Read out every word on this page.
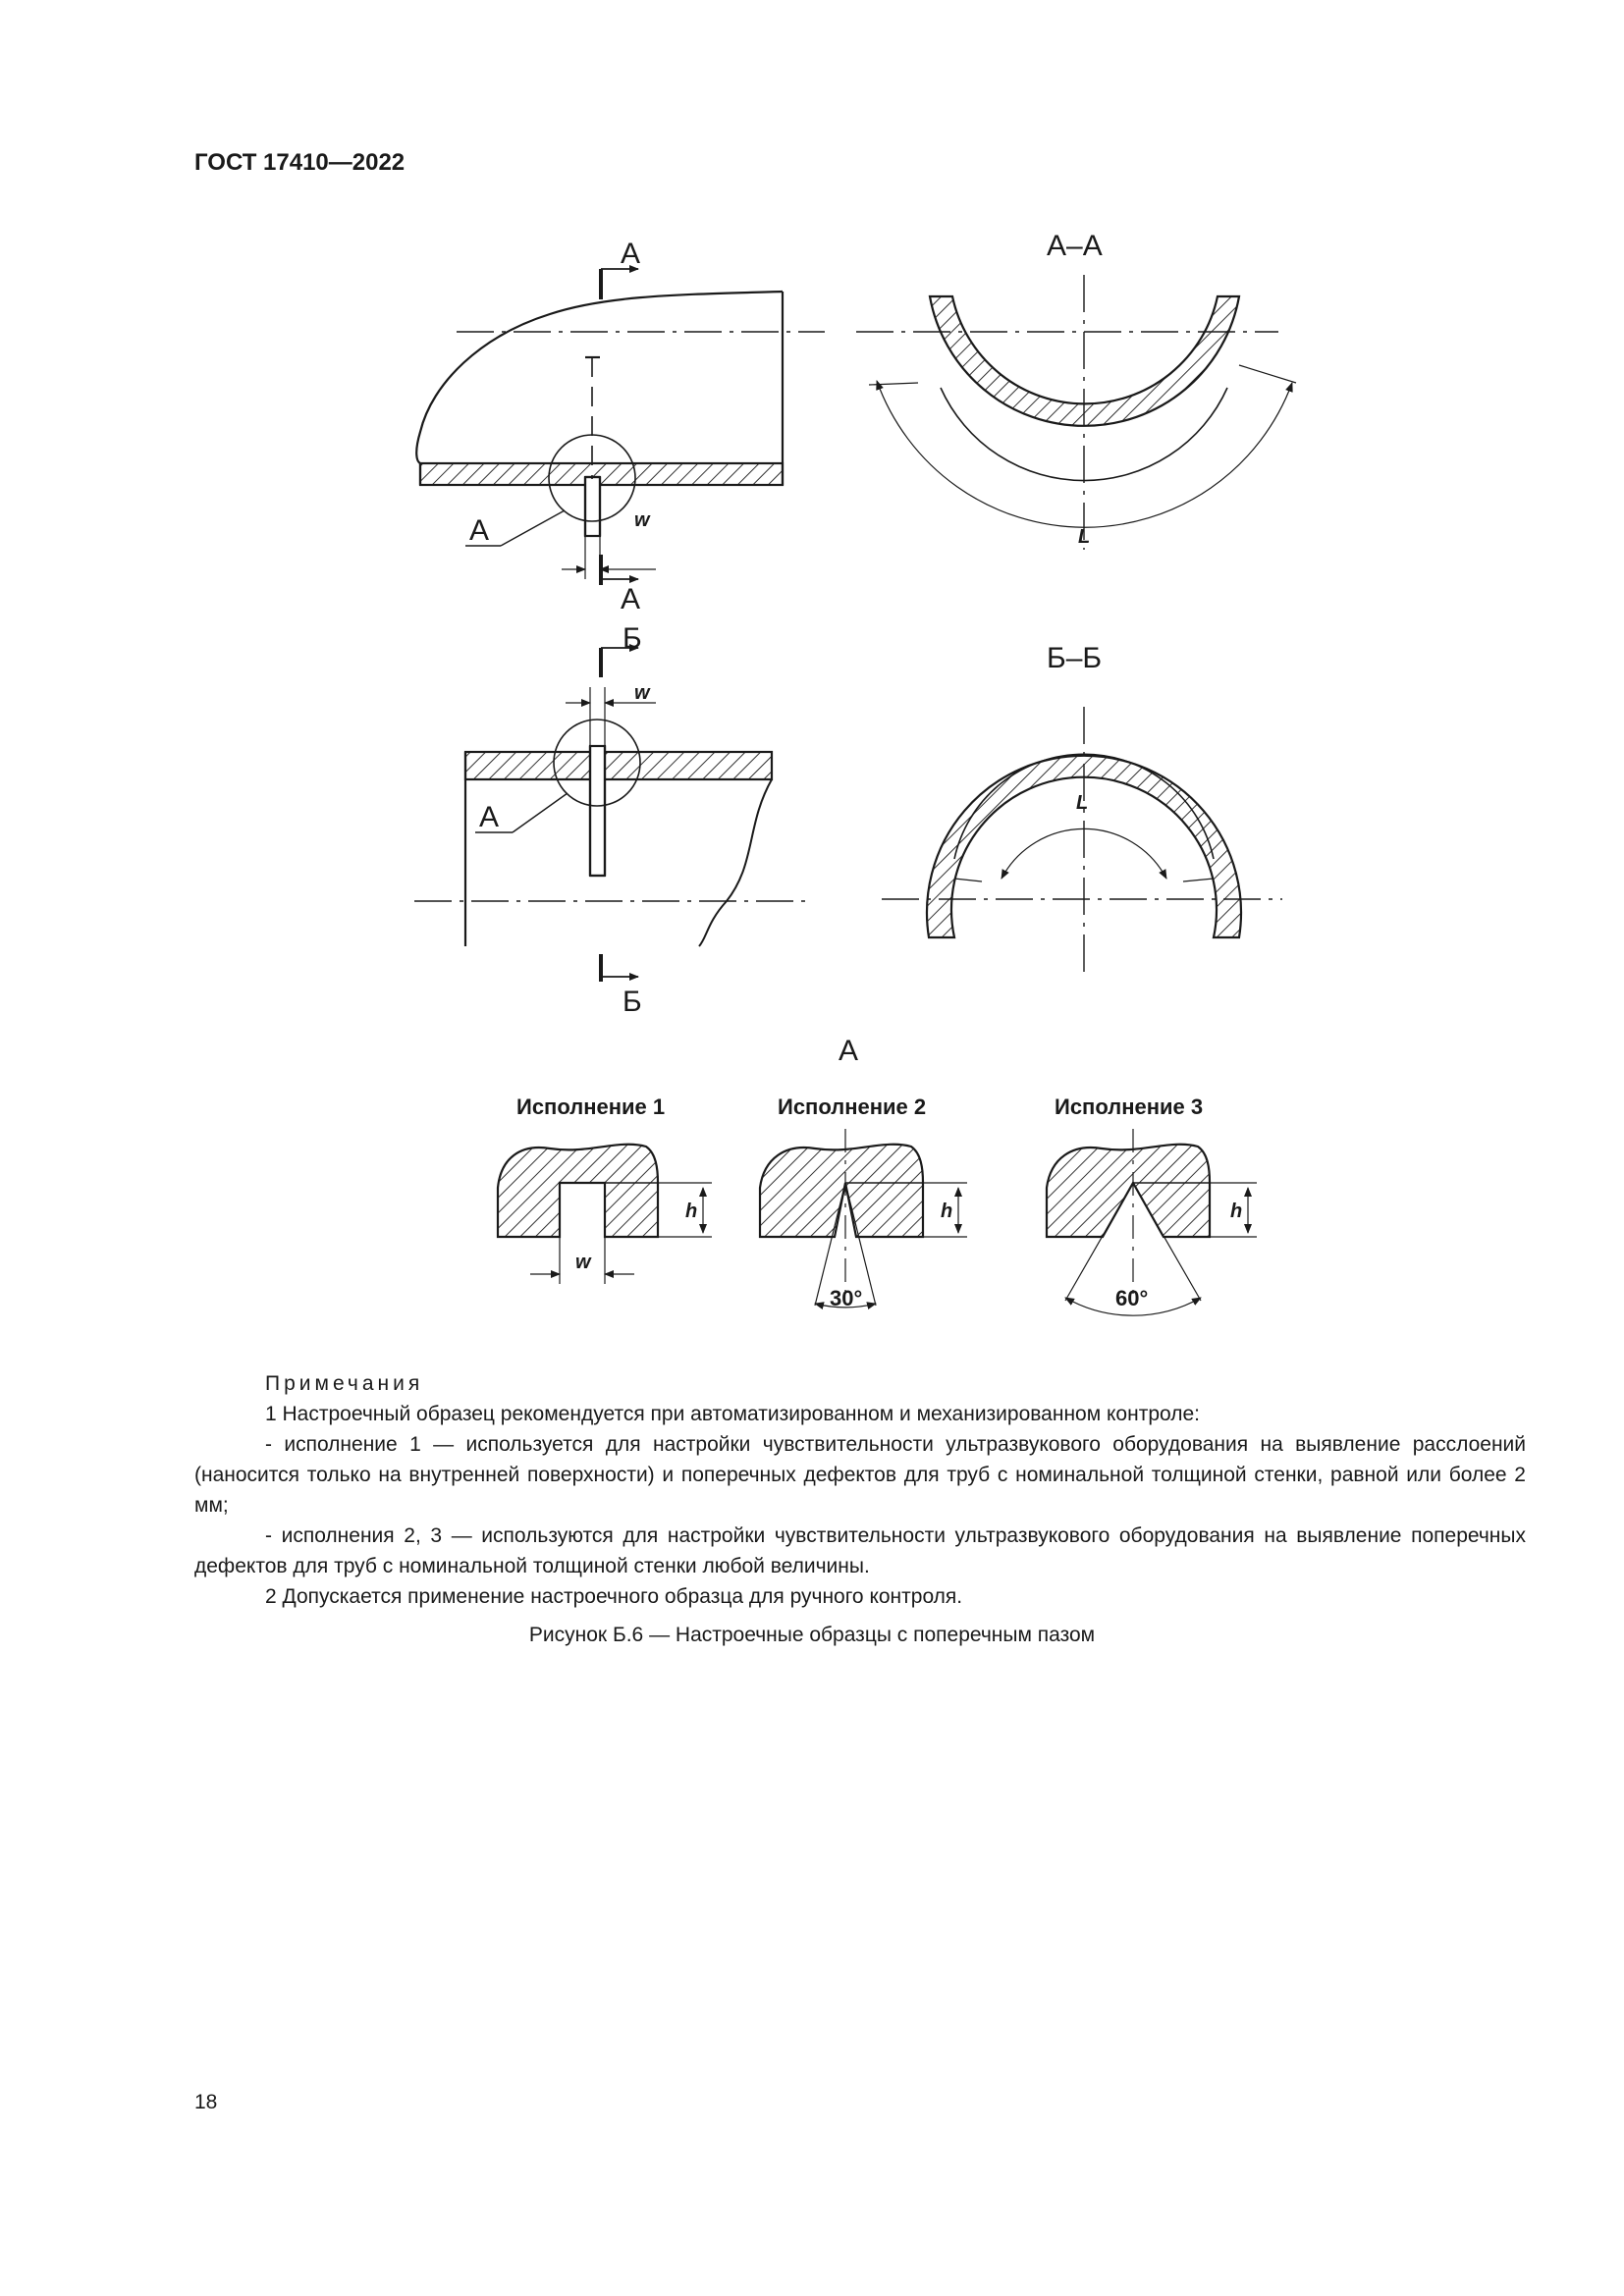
ГОСТ 17410—2022
А
А
А–А
А	w
L
Б
Б
Б–Б
А
w
L
А
Исполнение 1	Исполнение 2	Исполнение 3
h	h	h
w
30°	60°

Примечания

1 Настроечный образец рекомендуется при автоматизированном и механизированном контроле:

- исполнение 1 — используется для настройки чувствительности ультразвукового оборудования на выявление расслоений (наносится только на внутренней поверхности) и поперечных дефектов для труб с номинальной толщиной стенки, равной или более 2 мм;

- исполнения 2, 3 — используются для настройки чувствительности ультразвукового оборудования на выявление поперечных дефектов для труб с номинальной толщиной стенки любой величины.

2 Допускается применение настроечного образца для ручного контроля.

Рисунок Б.6 — Настроечные образцы с поперечным пазом
18
